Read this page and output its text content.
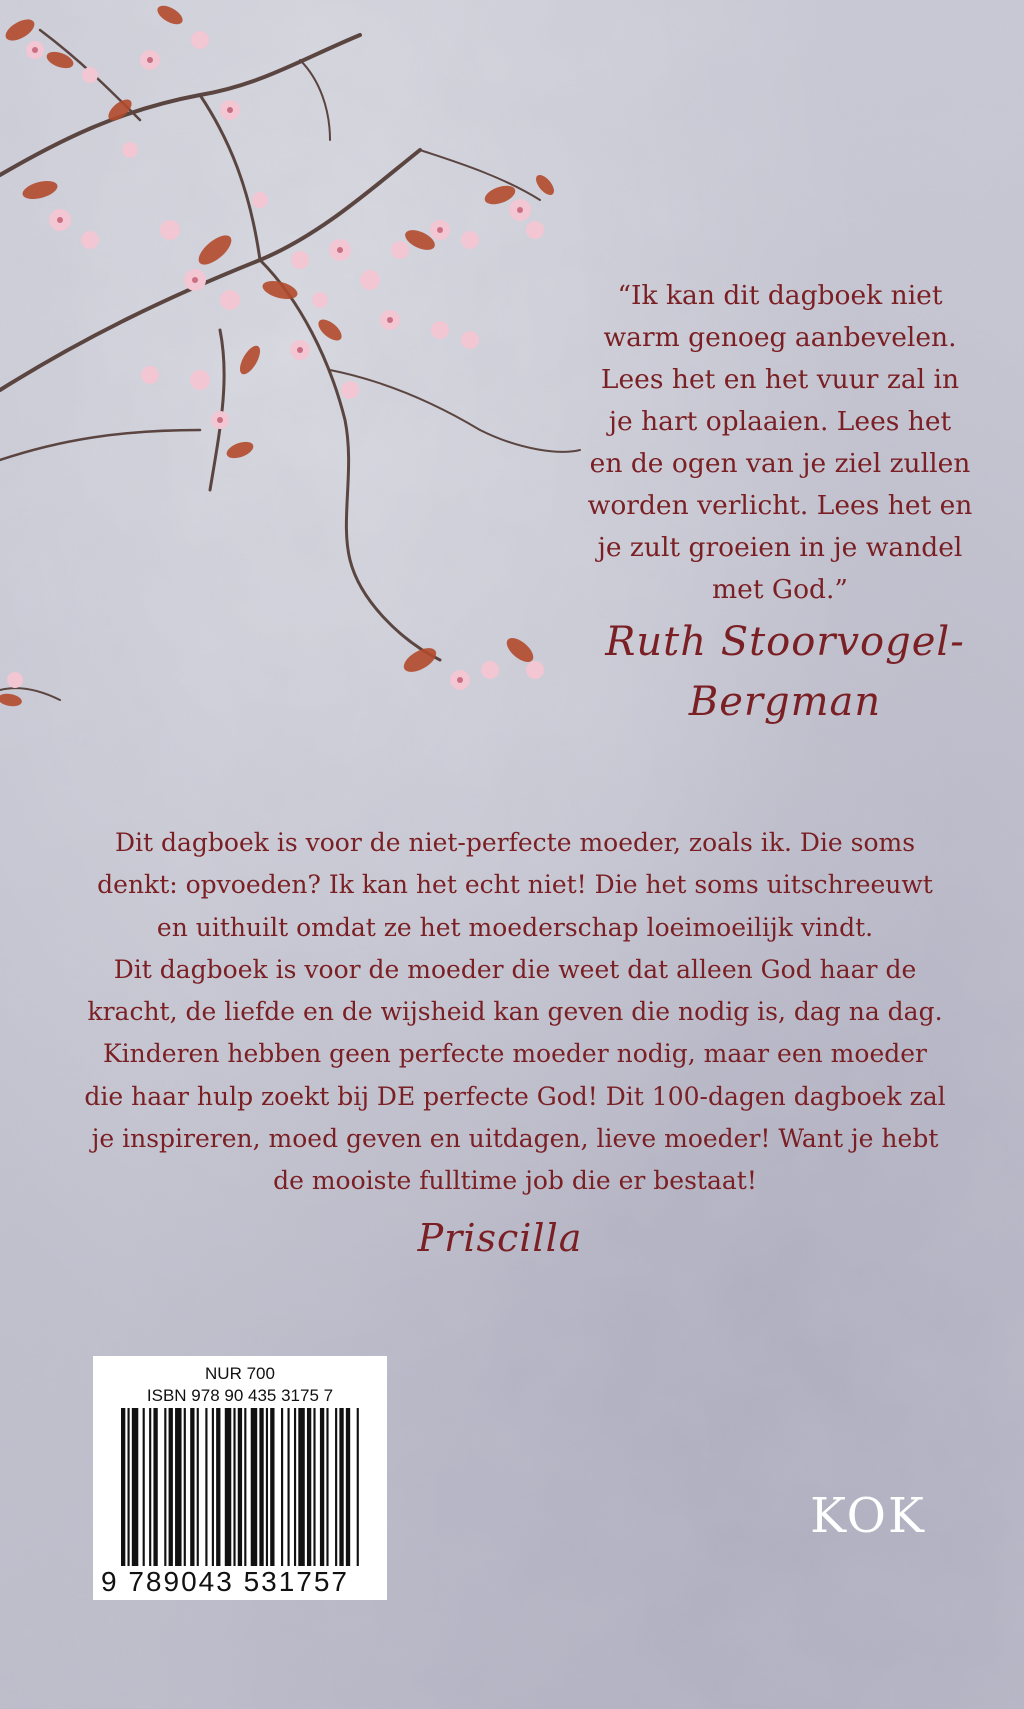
“Ik kan dit dagboek niet
warm genoeg aanbevelen.
Lees het en het vuur zal in
je hart oplaaien. Lees het
en de ogen van je ziel zullen
worden verlicht. Lees het en
je zult groeien in je wandel
met God.”
Ruth Stoorvogel-
Bergman
Dit dagboek is voor de niet-perfecte moeder, zoals ik. Die soms
denkt: opvoeden? Ik kan het echt niet! Die het soms uitschreeuwt
en uithuilt omdat ze het moederschap loeimoeilijk vindt.
Dit dagboek is voor de moeder die weet dat alleen God haar de
kracht, de liefde en de wijsheid kan geven die nodig is, dag na dag.
Kinderen hebben geen perfecte moeder nodig, maar een moeder
die haar hulp zoekt bij DE perfecte God! Dit 100-dagen dagboek zal
je inspireren, moed geven en uitdagen, lieve moeder! Want je hebt
de mooiste fulltime job die er bestaat!
Priscilla
NUR 700
ISBN 978 90 435 3175 7
9 789043 531757
KOK
